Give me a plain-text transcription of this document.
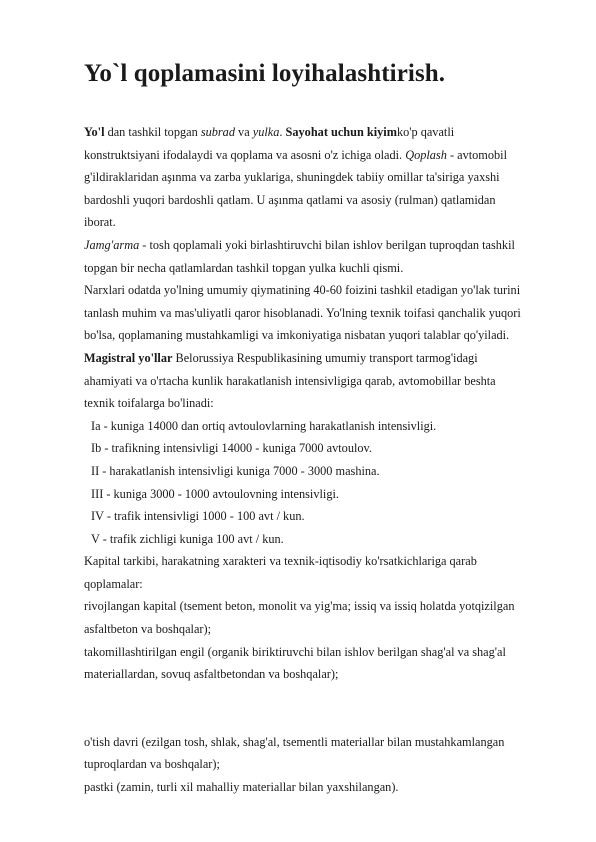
Yo`l qoplamasini loyihalashtirish.
Yo'l dan tashkil topgan subrad va yulka. Sayohat uchun kiyimko'p qavatli
konstruktsiyani ifodalaydi va qoplama va asosni o'z ichiga oladi. Qoplash - avtomobil
g'ildiraklaridan aşınma va zarba yuklariga, shuningdek tabiiy omillar ta'siriga yaxshi
bardoshli yuqori bardoshli qatlam. U aşınma qatlami va asosiy (rulman) qatlamidan
iborat.
Jamg'arma - tosh qoplamali yoki birlashtiruvchi bilan ishlov berilgan tuproqdan tashkil
topgan bir necha qatlamlardan tashkil topgan yulka kuchli qismi.
Narxlari odatda yo'lning umumiy qiymatining 40-60 foizini tashkil etadigan yo'lak turini
tanlash muhim va mas'uliyatli qaror hisoblanadi. Yo'lning texnik toifasi qanchalik yuqori
bo'lsa, qoplamaning mustahkamligi va imkoniyatiga nisbatan yuqori talablar qo'yiladi.
Magistral yo'llar Belorussiya Respublikasining umumiy transport tarmog'idagi
ahamiyati va o'rtacha kunlik harakatlanish intensivligiga qarab, avtomobillar beshta
texnik toifalarga bo'linadi:
Ia - kuniga 14000 dan ortiq avtoulovlarning harakatlanish intensivligi.
Ib - trafikning intensivligi 14000 - kuniga 7000 avtoulov.
II - harakatlanish intensivligi kuniga 7000 - 3000 mashina.
III - kuniga 3000 - 1000 avtoulovning intensivligi.
IV - trafik intensivligi 1000 - 100 avt / kun.
V - trafik zichligi kuniga 100 avt / kun.
Kapital tarkibi, harakatning xarakteri va texnik-iqtisodiy ko'rsatkichlariga qarab
qoplamalar:
rivojlangan kapital (tsement beton, monolit va yig'ma; issiq va issiq holatda yotqizilgan
asfaltbeton va boshqalar);
takomillashtirilgan engil (organik biriktiruvchi bilan ishlov berilgan shag'al va shag'al
materiallardan, sovuq asfaltbetondan va boshqalar);
o'tish davri (ezilgan tosh, shlak, shag'al, tsementli materiallar bilan mustahkamlangan
tuproqlardan va boshqalar);
pastki (zamin, turli xil mahalliy materiallar bilan yaxshilangan).
